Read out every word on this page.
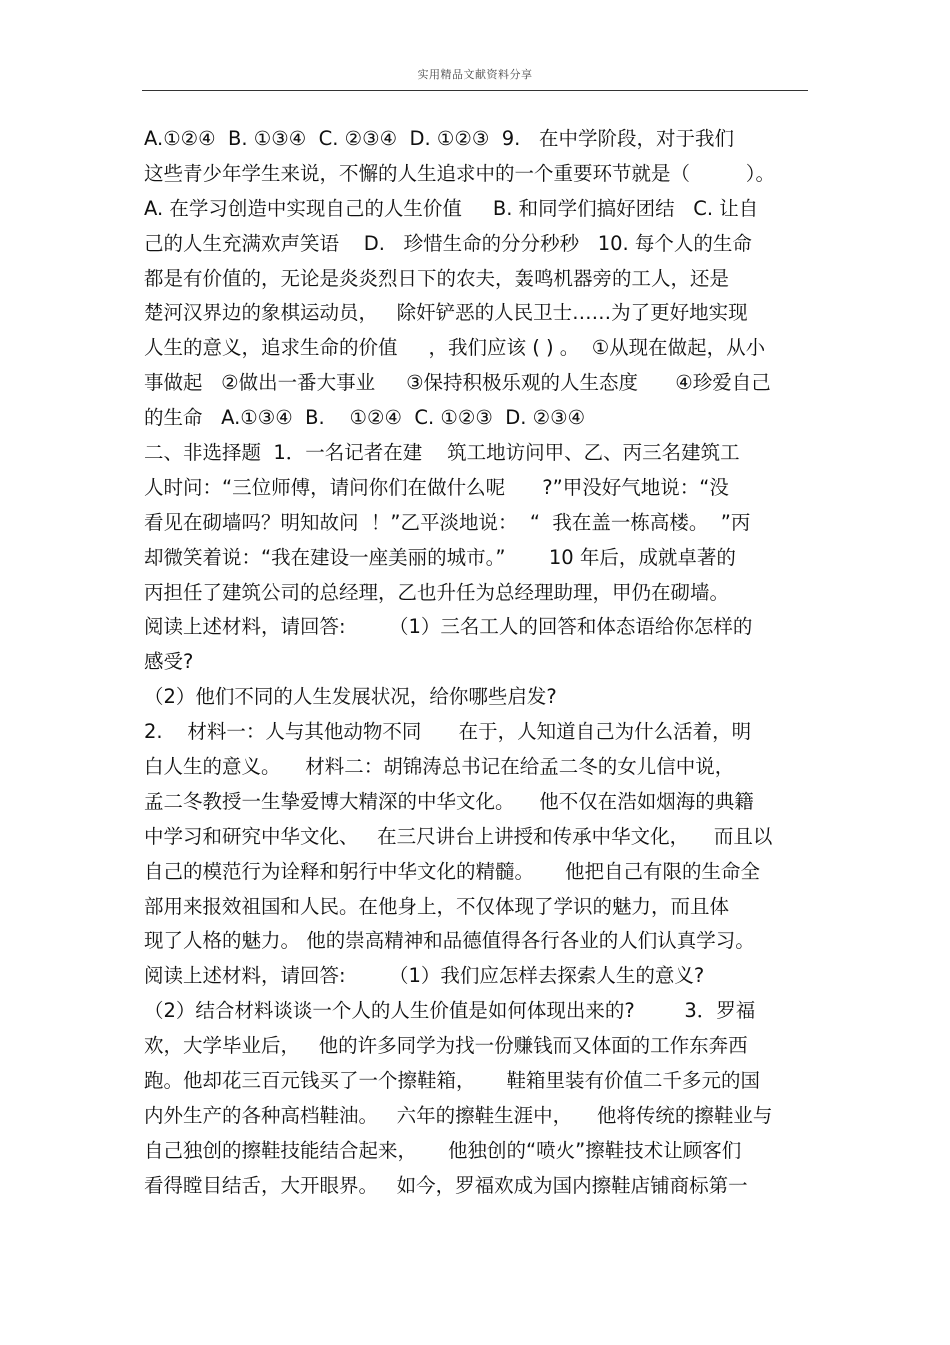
实用精品文献资料分享
A.①②④  B. ①③④  C. ②③④  D. ①②③  9.   在中学阶段，对于我们
这些青少年学生来说，不懈的人生追求中的一个重要环节就是（         ）。
A. 在学习创造中实现自己的人生价值     B. 和同学们搞好团结   C. 让自
己的人生充满欢声笑语    D.   珍惜生命的分分秒秒   10. 每个人的生命
都是有价值的，无论是炎炎烈日下的农夫，轰鸣机器旁的工人，还是
楚河汉界边的象棋运动员，   除奸铲恶的人民卫士……为了更好地实现
人生的意义，追求生命的价值     ，我们应该 ( ) 。  ①从现在做起，从小
事做起   ②做出一番大事业     ③保持积极乐观的人生态度      ④珍爱自己
的生命   A.①③④  B.    ①②④  C. ①②③  D. ②③④
二、非选择题  1．一名记者在建    筑工地访问甲、乙、丙三名建筑工
人时问：“三位师傅，请问你们在做什么呢      ?”甲没好气地说：“没
看见在砌墙吗？明知故问  ！”乙平淡地说：  “  我在盖一栋高楼。  ”丙
却微笑着说：“我在建设一座美丽的城市。”       10 年后，成就卓著的
丙担任了建筑公司的总经理，乙也升任为总经理助理，甲仍在砌墙。
阅读上述材料，请回答:       （1）三名工人的回答和体态语给你怎样的
感受?
（2）他们不同的人生发展状况，给你哪些启发?
2.    材料一：人与其他动物不同      在于，人知道自己为什么活着，明
白人生的意义。    材料二：胡锦涛总书记在给孟二冬的女儿信中说，
孟二冬教授一生挚爱博大精深的中华文化。    他不仅在浩如烟海的典籍
中学习和研究中华文化、   在三尺讲台上讲授和传承中华文化，    而且以
自己的模范行为诠释和躬行中华文化的精髓。     他把自己有限的生命全
部用来报效祖国和人民。在他身上，不仅体现了学识的魅力，而且体
现了人格的魅力。 他的崇高精神和品德值得各行各业的人们认真学习。
阅读上述材料，请回答:       （1）我们应怎样去探索人生的意义?
（2）结合材料谈谈一个人的人生价值是如何体现出来的?        3．罗福
欢，大学毕业后，   他的许多同学为找一份赚钱而又体面的工作东奔西
跑。他却花三百元钱买了一个擦鞋箱，     鞋箱里装有价值二千多元的国
内外生产的各种高档鞋油。   六年的擦鞋生涯中，    他将传统的擦鞋业与
自己独创的擦鞋技能结合起来，     他独创的“喷火”擦鞋技术让顾客们
看得瞠目结舌，大开眼界。   如今，罗福欢成为国内擦鞋店铺商标第一
